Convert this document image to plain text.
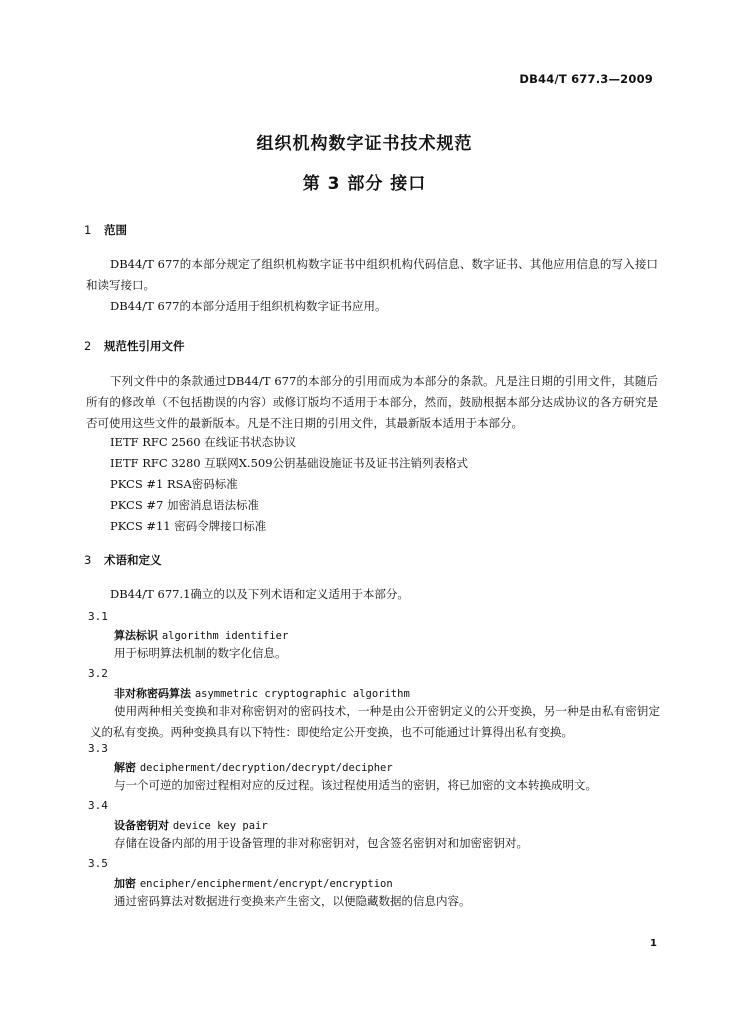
DB44/T 677.3—2009
组织机构数字证书技术规范
第 3 部分 接口
1 范围

DB44/T 677的本部分规定了组织机构数字证书中组织机构代码信息、数字证书、其他应用信息的写入接口和读写接口。

DB44/T 677的本部分适用于组织机构数字证书应用。

2 规范性引用文件

下列文件中的条款通过DB44/T 677的本部分的引用而成为本部分的条款。凡是注日期的引用文件，其随后所有的修改单（不包括勘误的内容）或修订版均不适用于本部分，然而，鼓励根据本部分达成协议的各方研究是否可使用这些文件的最新版本。凡是不注日期的引用文件，其最新版本适用于本部分。

IETF RFC 2560 在线证书状态协议
IETF RFC 3280 互联网X.509公钥基础设施证书及证书注销列表格式
PKCS #1 RSA密码标准
PKCS #7 加密消息语法标准
PKCS #11 密码令牌接口标准
3 术语和定义

DB44/T 677.1确立的以及下列术语和定义适用于本部分。

3.1
算法标识 algorithm identifier

用于标明算法机制的数字化信息。

3.2
非对称密码算法 asymmetric cryptographic algorithm

使用两种相关变换和非对称密钥对的密码技术，一种是由公开密钥定义的公开变换，另一种是由私有密钥定义的私有变换。两种变换具有以下特性：即使给定公开变换，也不可能通过计算得出私有变换。

3.3
解密 decipherment/decryption/decrypt/decipher

与一个可逆的加密过程相对应的反过程。该过程使用适当的密钥，将已加密的文本转换成明文。

3.4
设备密钥对 device key pair

存储在设备内部的用于设备管理的非对称密钥对，包含签名密钥对和加密密钥对。

3.5
加密 encipher/encipherment/encrypt/encryption

通过密码算法对数据进行变换来产生密文，以便隐藏数据的信息内容。

1
